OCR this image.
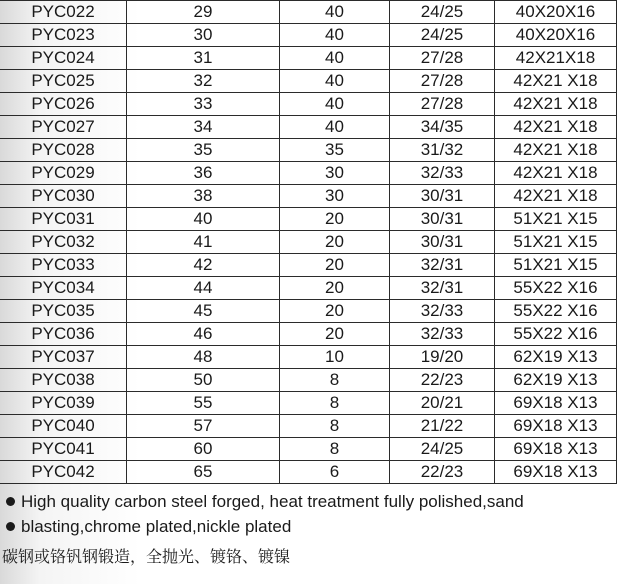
PYC022	29	40	24/25	40X20X16
PYC023	30	40	24/25	40X20X16
PYC024	31	40	27/28	42X21X18
PYC025	32	40	27/28	42X21 X18
PYC026	33	40	27/28	42X21 X18
PYC027	34	40	34/35	42X21 X18
PYC028	35	35	31/32	42X21 X18
PYC029	36	30	32/33	42X21 X18
PYC030	38	30	30/31	42X21 X18
PYC031	40	20	30/31	51X21 X15
PYC032	41	20	30/31	51X21 X15
PYC033	42	20	32/31	51X21 X15
PYC034	44	20	32/31	55X22 X16
PYC035	45	20	32/33	55X22 X16
PYC036	46	20	32/33	55X22 X16
PYC037	48	10	19/20	62X19 X13
PYC038	50	8	22/23	62X19 X13
PYC039	55	8	20/21	69X18 X13
PYC040	57	8	21/22	69X18 X13
PYC041	60	8	24/25	69X18 X13
PYC042	65	6	22/23	69X18 X13
High quality carbon steel forged, heat treatment fully polished,sand
blasting,chrome plated,nickle plated
碳钢或铬钒钢锻造，全抛光、镀铬、镀镍
